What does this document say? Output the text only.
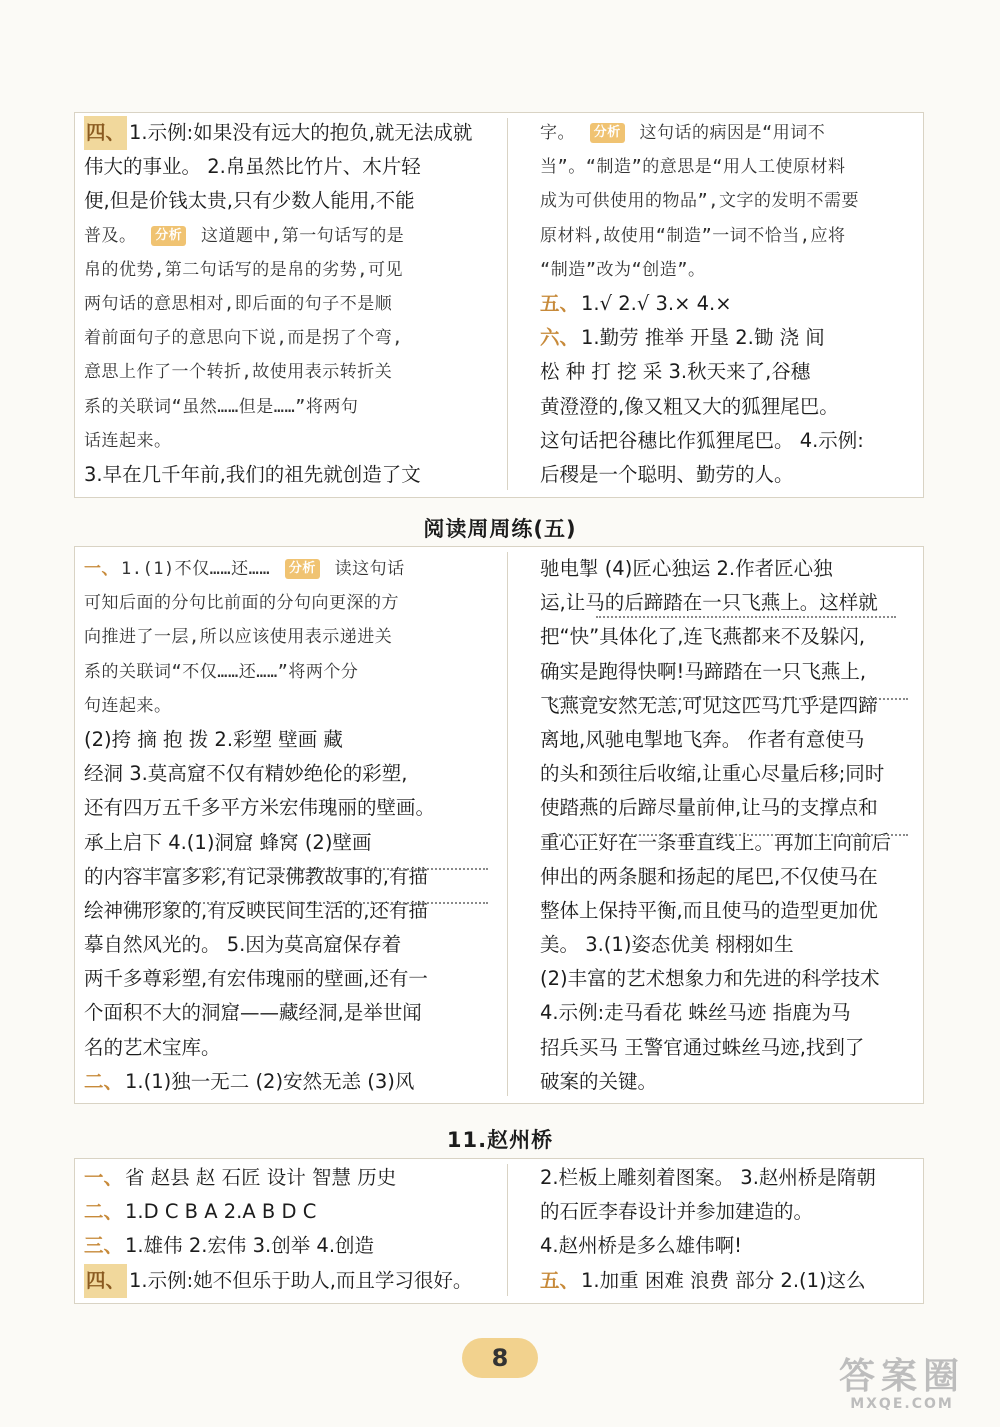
四、 1.示例:如果没有远大的抱负,就无法成就
伟大的事业。 2.帛虽然比竹片、木片轻
便,但是价钱太贵,只有少数人能用,不能
普及。 分析 这道题中,第一句话写的是
帛的优势,第二句话写的是帛的劣势,可见
两句话的意思相对,即后面的句子不是顺
着前面句子的意思向下说,而是拐了个弯,
意思上作了一个转折,故使用表示转折关
系的关联词“虽然……但是……”将两句
话连起来。
3.早在几千年前,我们的祖先就创造了文
字。 分析 这句话的病因是“用词不
当”。“制造”的意思是“用人工使原材料
成为可供使用的物品”,文字的发明不需要
原材料,故使用“制造”一词不恰当,应将
“制造”改为“创造”。
五、 1.√ 2.√ 3.× 4.×
六、 1.勤劳 推举 开垦 2.锄 浇 间
松 种 打 挖 采 3.秋天来了,谷穗
黄澄澄的,像又粗又大的狐狸尾巴。
这句话把谷穗比作狐狸尾巴。 4.示例:
后稷是一个聪明、勤劳的人。
阅读周周练(五)
一、 1.(1)不仅……还…… 分析 读这句话
可知后面的分句比前面的分句向更深的方
向推进了一层,所以应该使用表示递进关
系的关联词“不仅……还……”将两个分
句连起来。
(2)挎 摘 抱 拨 2.彩塑 壁画 藏
经洞 3.莫高窟不仅有精妙绝伦的彩塑,
还有四万五千多平方米宏伟瑰丽的壁画。
承上启下 4.(1)洞窟 蜂窝 (2)壁画
的内容丰富多彩,有记录佛教故事的,有描
绘神佛形象的,有反映民间生活的,还有描
摹自然风光的。 5.因为莫高窟保存着
两千多尊彩塑,有宏伟瑰丽的壁画,还有一
个面积不大的洞窟——藏经洞,是举世闻
名的艺术宝库。
二、 1.(1)独一无二 (2)安然无恙 (3)风
驰电掣 (4)匠心独运 2.作者匠心独
运,让马的后蹄踏在一只飞燕上。这样就
把“快”具体化了,连飞燕都来不及躲闪,
确实是跑得快啊!马蹄踏在一只飞燕上,
飞燕竟安然无恙,可见这匹马几乎是四蹄
离地,风驰电掣地飞奔。 作者有意使马
的头和颈往后收缩,让重心尽量后移;同时
使踏燕的后蹄尽量前伸,让马的支撑点和
重心正好在一条垂直线上。再加上向前后
伸出的两条腿和扬起的尾巴,不仅使马在
整体上保持平衡,而且使马的造型更加优
美。 3.(1)姿态优美 栩栩如生
(2)丰富的艺术想象力和先进的科学技术
4.示例:走马看花 蛛丝马迹 指鹿为马
招兵买马 王警官通过蛛丝马迹,找到了
破案的关键。
11.赵州桥
一、 省 赵县 赵 石匠 设计 智慧 历史
二、 1.D C B A 2.A B D C
三、 1.雄伟 2.宏伟 3.创举 4.创造
四、 1.示例:她不但乐于助人,而且学习很好。
2.栏板上雕刻着图案。 3.赵州桥是隋朝
的石匠李春设计并参加建造的。
4.赵州桥是多么雄伟啊!
五、 1.加重 困难 浪费 部分 2.(1)这么
8	答案圈
MXQE.COM
